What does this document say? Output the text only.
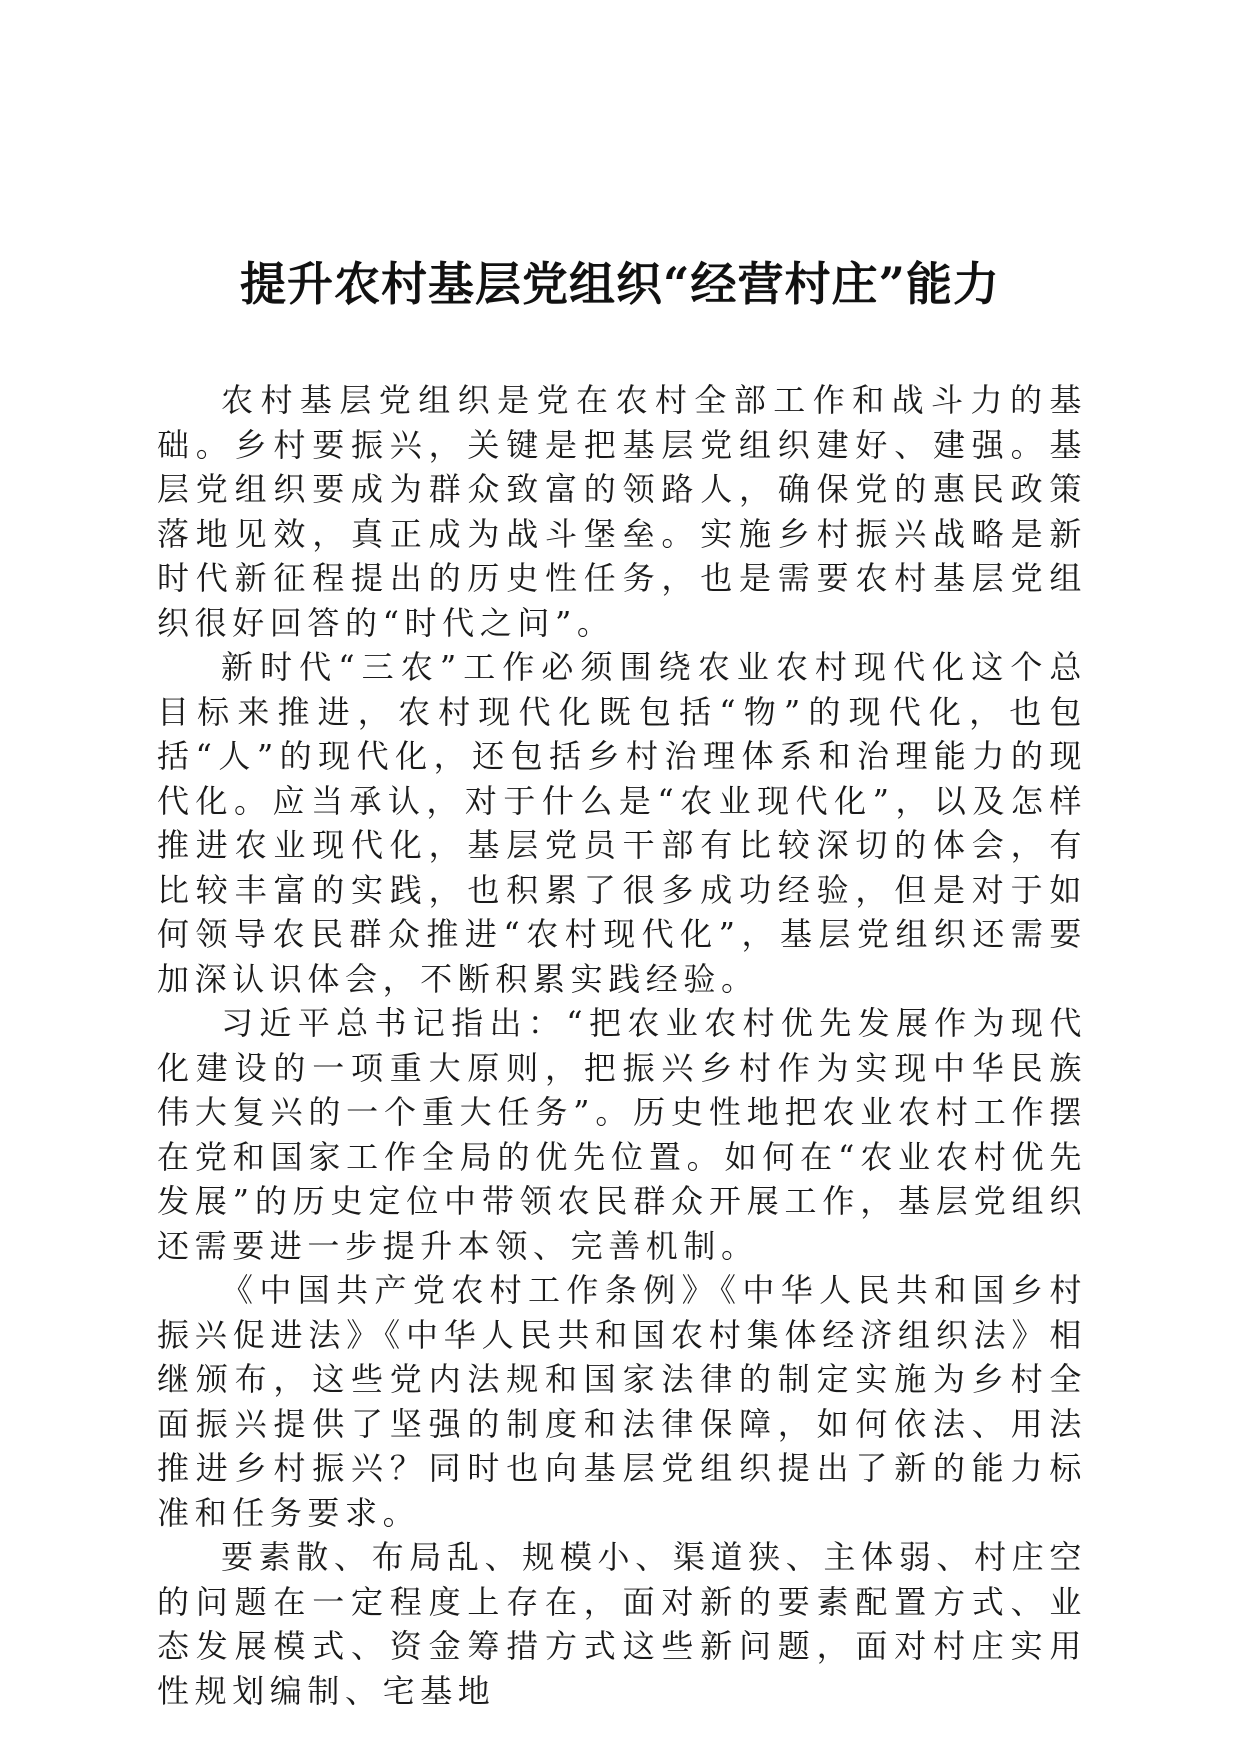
提升农村基层党组织“经营村庄”能力

农村基层党组织是党在农村全部工作和战斗力的基础。乡村要振兴，关键是把基层党组织建好、建强。基层党组织要成为群众致富的领路人，确保党的惠民政策落地见效，真正成为战斗堡垒。实施乡村振兴战略是新时代新征程提出的历史性任务，也是需要农村基层党组织很好回答的“时代之问”。

新时代“三农”工作必须围绕农业农村现代化这个总目标来推进，农村现代化既包括“物”的现代化，也包括“人”的现代化，还包括乡村治理体系和治理能力的现代化。应当承认，对于什么是“农业现代化”，以及怎样推进农业现代化，基层党员干部有比较深切的体会，有比较丰富的实践，也积累了很多成功经验，但是对于如何领导农民群众推进“农村现代化”，基层党组织还需要加深认识体会，不断积累实践经验。

习近平总书记指出：“把农业农村优先发展作为现代化建设的一项重大原则，把振兴乡村作为实现中华民族伟大复兴的一个重大任务”。历史性地把农业农村工作摆在党和国家工作全局的优先位置。如何在“农业农村优先发展”的历史定位中带领农民群众开展工作，基层党组织还需要进一步提升本领、完善机制。

《中国共产党农村工作条例》《中华人民共和国乡村振兴促进法》《中华人民共和国农村集体经济组织法》相继颁布，这些党内法规和国家法律的制定实施为乡村全面振兴提供了坚强的制度和法律保障，如何依法、用法推进乡村振兴？同时也向基层党组织提出了新的能力标准和任务要求。

要素散、布局乱、规模小、渠道狭、主体弱、村庄空的问题在一定程度上存在，面对新的要素配置方式、业态发展模式、资金筹措方式这些新问题，面对村庄实用性规划编制、宅基地
